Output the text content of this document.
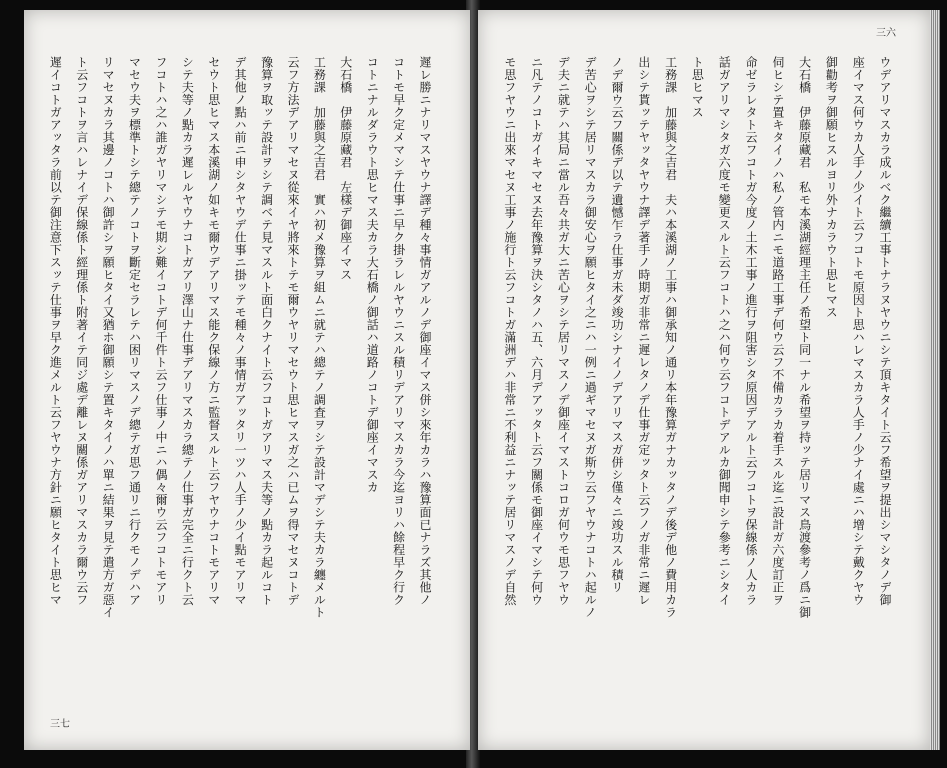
三七
遲レ勝ニナリマスヤウナ譯デ種々事情ガアルノデ御座イマス併シ來年カラハ豫算面已ナラズ其他ノ
コトモ早ク定メマシテ仕事ニ早ク掛ラレルヤウニスル積リデアリマスカラ今迄ヨリハ餘程早ク行ク
コトニナルダラウト思ヒマス夫カラ大石橋ノ御話ハ道路ノコトデ御座イマスカ
大石橋　伊藤原藏君　左樣デ御座イマス
工務課　加藤與之吉君　實ハ初メ豫算ヲ組ムニ就テハ總テノ調査ヲシテ設計マデシテ夫カラ纏メルト
云フ方法デアリマセヌ從來イヤ將來トテモ爾ウヤリマセウト思ヒマスガ之ハ已ムヲ得マセヌコトデ
豫算ヲ取ッテ設計ヲシテ調ベテ見マスルト面白クナイト云フコトガアリマス夫等ノ點カラ起ルコト
デ其他ノ點ハ前ニ申シタヤウデ仕事ニ掛ッテモ種々ノ事情ガアッタリ一ツハ人手ノ少イ點モアリマ
セウト思ヒマス本溪湖ノ如キモ爾ウデアリマス能ク保線ノ方ニ監督スルト云フヤウナコトモアリマ
シテ夫等ノ點カラ遲レルヤウナコトガアリ澤山ナ仕事デアリマスカラ總テノ仕事ガ完全ニ行クト云
フコトハ之ハ誰ガヤリマシテモ期シ難イコトデ何千件ト云フ仕事ノ中ニハ偶々爾ウ云フコトモアリ
マセウ夫ヲ標準トシテ總テノコトヲ斷定セラレテハ困リマスノデ總テガ思フ通リニ行クモノデハア
リマセヌカラ其邊ノコトハ御許シヲ願ヒタイ又猶ホ御願シテ置キタイノハ單ニ結果ヲ見テ遣方ガ惡イ
ト云フコトヲ言ハレナイデ保線係ト經理係ト附著イテ同ジ處デ離レヌ關係ガアリマスカラ爾ウ云フ
遲イコトガアッタラ前以テ御注意下スッテ仕事ヲ早ク進メルト云フヤウナ方針ニ願ヒタイト思ヒマ
三六
ウデアリマスカラ成ルベク繼續工事トナラヌヤウニシテ頂キタイト云フ希望ヲ提出シマシタノデ御
座イマス何ウカ人手ノ少イト云フコトモ原因ト思ハレマスカラ人手ノ少ナイ處ニハ增シテ戴クヤウ
御勸考ヲ御願ヒスルヨリ外ナカラウト思ヒマス
大石橋　伊藤原藏君　私モ本溪湖經理主任ノ希望ト同一ナル希望ヲ持ッテ居リマス鳥渡參考ノ爲ニ御
伺ヒシテ置キタイノハ私ノ管内ニモ道路工事デ何ウ云フ不備カラカ着手スル迄ニ設計ガ六度訂正ヲ
命ゼラレタト云フコトガ今度ノ土木工事ノ進行ヲ阻害シタ原因デアルト云フコトヲ保線係ノ人カラ
話ガアリマシタガ六度モ變更スルト云フコトハ之ハ何ウ云フコトデアルカ御聞申シテ參考ニシタイ
ト思ヒマス
工務課　加藤與之吉君　夫ハ本溪湖ノ工事ハ御承知ノ通リ本年豫算ガナカッタノデ後デ他ノ費用カラ
出シテ貰ッテヤッタヤウナ譯デ著手ノ時期ガ非常ニ遲レタノデ仕事ガ定ッタト云フノガ非常ニ遲レ
ノデ爾ウ云フ關係デ以テ遺憾乍ラ仕事ガ未ダ竣功シナイノデアリマスガ併シ僅々ニ竣功スル積リ
デ苦心ヲシテ居リマスカラ御安心ヲ願ヒタイ之ニハ一例ニ過ギマセヌガ斯ウ云フヤウナコトハ起ルノ
デ夫ニ就テハ其局ニ當ル吾々共ガ大ニ苦心ヲシテ居リマスノデ御座イマストコロガ何ウモ思フヤウ
ニ凡テノコトガイキマセヌ去年豫算ヲ決シタノハ五、六月デアッタト云フ關係モ御座イマシテ何ウ
モ思フヤウニ出來マセヌ工事ノ施行ト云フコトガ滿洲デハ非常ニ不利益ニナッテ居リマスノデ自然
